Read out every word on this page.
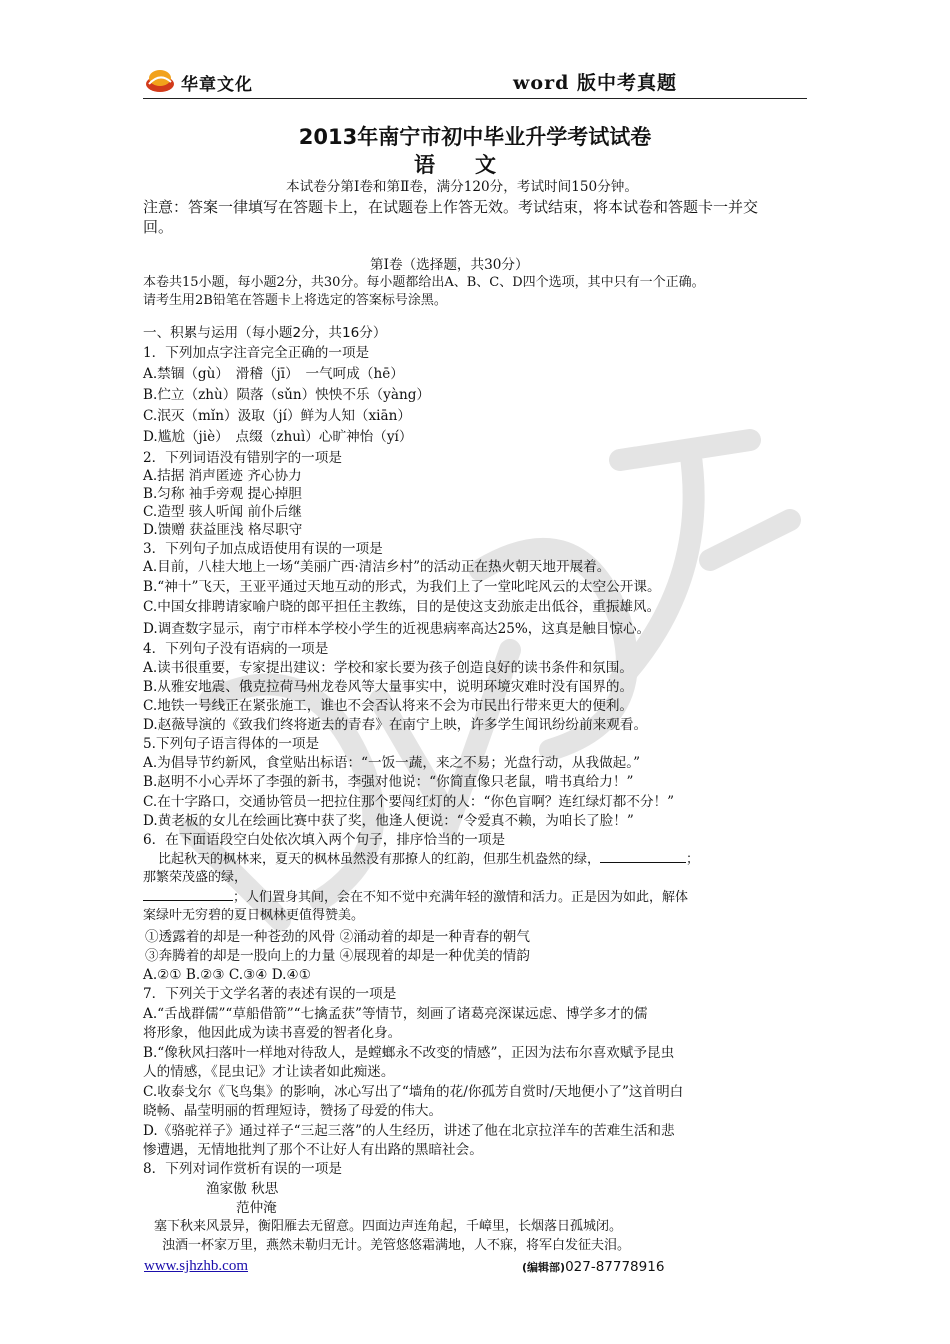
华章文化	word 版中考真题
2013年南宁市初中毕业升学考试试卷
语文
本试卷分第Ⅰ卷和第Ⅱ卷，满分120分，考试时间150分钟。
注意：答案一律填写在答题卡上，在试题卷上作答无效。考试结束，将本试卷和答题卡一并交
回。
第Ⅰ卷（选择题，共30分）
本卷共15小题，每小题2分，共30分。每小题都给出A、B、C、D四个选项，其中只有一个正确。
请考生用2B铅笔在答题卡上将选定的答案标号涂黑。
一、积累与运用（每小题2分，共16分）
1．下列加点字注音完全正确的一项是
A.禁锢（gù）　滑稽（jī）　一气呵成（hē）
B.伫立（zhù）陨落（sǔn）怏怏不乐（yàng）
C.泯灭（mǐn）汲取（jí）鲜为人知（xiān）
D.尴尬（jiè）　点缀（zhuì）心旷神怡（yí）
2．下列词语没有错别字的一项是
A.拮据 消声匿迹 齐心协力
B.匀称 袖手旁观 提心掉胆
C.造型 骇人听闻 前仆后继
D.馈赠 获益匪浅 格尽职守
3．下列句子加点成语使用有误的一项是
A.目前，八桂大地上一场“美丽广西·清洁乡村”的活动正在热火朝天地开展着。
B.“神十”飞天，王亚平通过天地互动的形式，为我们上了一堂叱咤风云的太空公开课。
C.中国女排聘请家喻户晓的郎平担任主教练，目的是使这支劲旅走出低谷，重振雄风。
D.调查数字显示，南宁市样本学校小学生的近视患病率高达25%，这真是触目惊心。
4．下列句子没有语病的一项是
A.读书很重要，专家提出建议：学校和家长要为孩子创造良好的读书条件和氛围。
B.从雅安地震、俄克拉荷马州龙卷风等大量事实中，说明环境灾难时没有国界的。
C.地铁一号线正在紧张施工，谁也不会否认将来不会为市民出行带来更大的便利。
D.赵薇导演的《致我们终将逝去的青春》在南宁上映，许多学生闻讯纷纷前来观看。
5.下列句子语言得体的一项是
A.为倡导节约新风，食堂贴出标语：“一饭一蔬，来之不易；光盘行动，从我做起。”
B.赵明不小心弄坏了李强的新书，李强对他说：“你简直像只老鼠，啃书真给力！”
C.在十字路口，交通协管员一把拉住那个要闯红灯的人：“你色盲啊？连红绿灯都不分！”
D.黄老板的女儿在绘画比赛中获了奖，他逢人便说：“令爱真不赖，为咱长了脸！”
6．在下面语段空白处依次填入两个句子，排序恰当的一项是
比起秋天的枫林来，夏天的枫林虽然没有那撩人的红韵，但那生机盎然的绿，	；
那繁荣茂盛的绿，
；人们置身其间，会在不知不觉中充满年轻的激情和活力。正是因为如此，解体
案绿叶无穷碧的夏日枫林更值得赞美。
①透露着的却是一种苍劲的风骨 ②涌动着的却是一种青春的朝气
③奔腾着的却是一股向上的力量 ④展现着的却是一种优美的情韵
A.②① B.②③ C.③④ D.④①
7．下列关于文学名著的表述有误的一项是
A.“舌战群儒”“草船借箭”“七擒孟获”等情节，刻画了诸葛亮深谋远虑、博学多才的儒
将形象，他因此成为读书喜爱的智者化身。
B.“像秋风扫落叶一样地对待敌人，是螳螂永不改变的情感”，正因为法布尔喜欢赋予昆虫
人的情感，《昆虫记》才让读者如此痴迷。
C.收泰戈尔《飞鸟集》的影响，冰心写出了“墙角的花/你孤芳自赏时/天地便小了”这首明白
晓畅、晶莹明丽的哲理短诗，赞扬了母爱的伟大。
D.《骆驼祥子》通过祥子“三起三落”的人生经历，讲述了他在北京拉洋车的苦难生活和悲
惨遭遇，无情地批判了那个不让好人有出路的黑暗社会。
8．下列对词作赏析有误的一项是
渔家傲 秋思
范仲淹
塞下秋来风景异，衡阳雁去无留意。四面边声连角起，千嶂里，长烟落日孤城闭。
浊酒一杯家万里，燕然未勒归无计。羌管悠悠霜满地，人不寐，将军白发征夫泪。
www.sjhzhb.com	(编辑部)027-87778916
